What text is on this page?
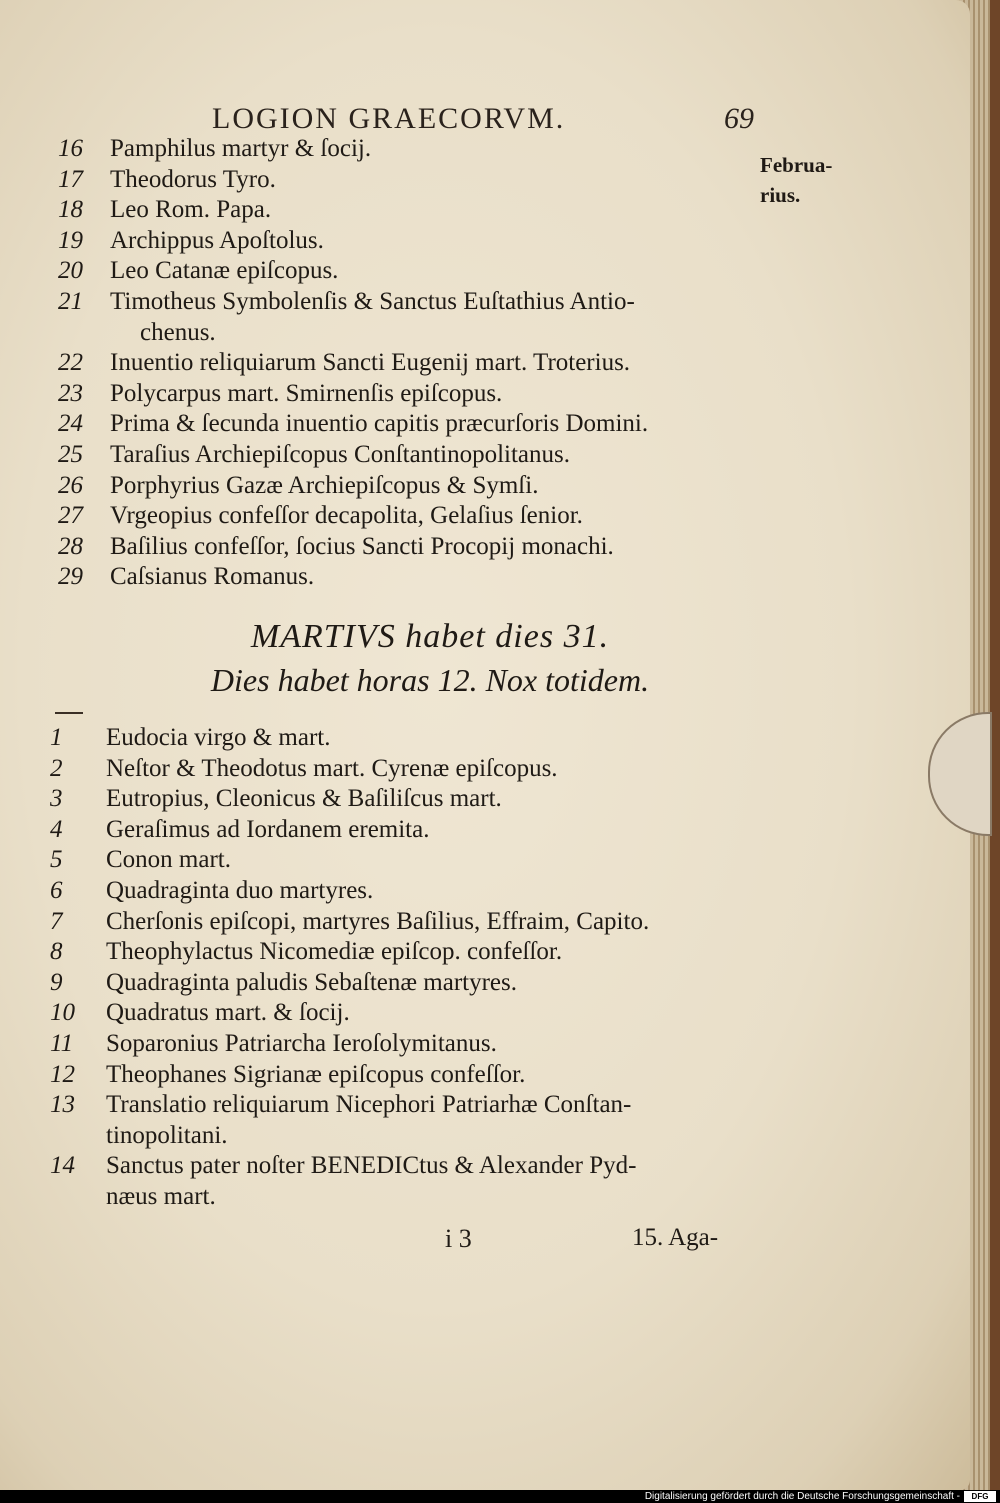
LOGION GRAECORVM.	69
Februa-
rius.
16	Pamphilus martyr & ſocij.
17	Theodorus Tyro.
18	Leo Rom. Papa.
19	Archippus Apoſtolus.
20	Leo Catanæ epiſcopus.
21	Timotheus Symbolenſis & Sanctus Euſtathius Antio-
chenus.
22	Inuentio reliquiarum Sancti Eugenij mart. Troterius.
23	Polycarpus mart. Smirnenſis epiſcopus.
24	Prima & ſecunda inuentio capitis præcurſoris Domini.
25	Taraſius Archiepiſcopus Conſtantinopolitanus.
26	Porphyrius Gazæ Archiepiſcopus & Symſi.
27	Vrgeopius confeſſor decapolita, Gelaſius ſenior.
28	Baſilius confeſſor, ſocius Sancti Procopij monachi.
29	Caſsianus Romanus.
MARTIVS habet dies 31.
Dies habet horas 12. Nox totidem.
1	Eudocia virgo & mart.
2	Neſtor & Theodotus mart. Cyrenæ epiſcopus.
3	Eutropius, Cleonicus & Baſiliſcus mart.
4	Geraſimus ad Iordanem eremita.
5	Conon mart.
6	Quadraginta duo martyres.
7	Cherſonis epiſcopi, martyres Baſilius, Effraim, Capito.
8	Theophylactus Nicomediæ epiſcop. confeſſor.
9	Quadraginta paludis Sebaſtenæ martyres.
10	Quadratus mart. & ſocij.
11	Soparonius Patriarcha Ieroſolymitanus.
12	Theophanes Sigrianæ epiſcopus confeſſor.
13	Translatio reliquiarum Nicephori Patriarhæ Conſtan-
tinopolitani.
14	Sanctus pater noſter BENEDICtus & Alexander Pyd-
næus mart.
i 3	15. Aga-
Digitalisierung gefördert durch die Deutsche Forschungsgemeinschaft -	DFG
